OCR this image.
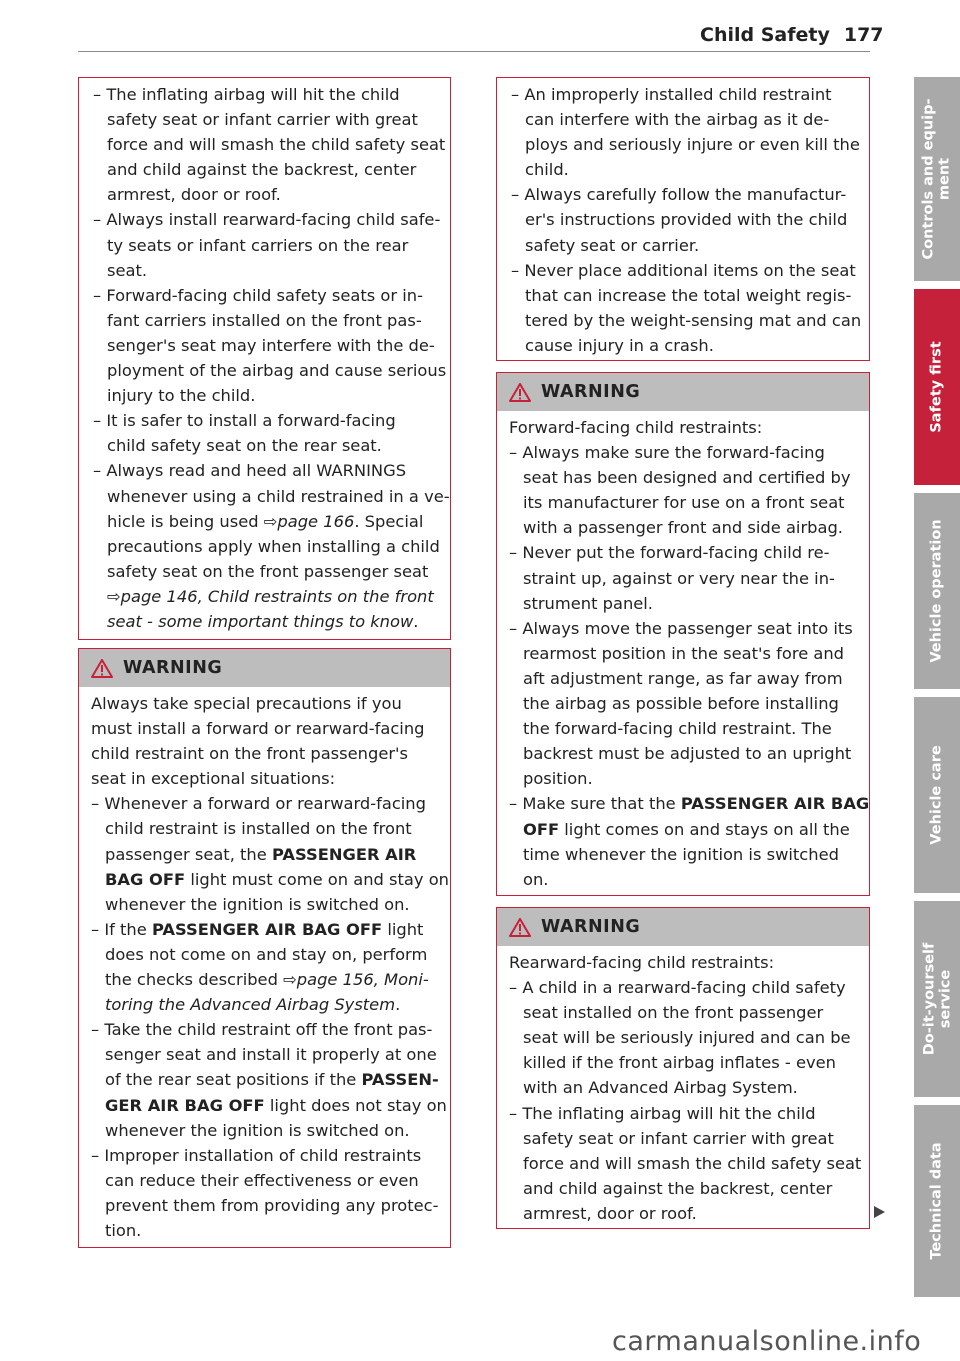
Child Safety 177
– The inflating airbag will hit the child
safety seat or infant carrier with great
force and will smash the child safety seat
and child against the backrest, center
armrest, door or roof.
– Always install rearward-facing child safe-
ty seats or infant carriers on the rear
seat.
– Forward-facing child safety seats or in-
fant carriers installed on the front pas-
senger's seat may interfere with the de-
ployment of the airbag and cause serious
injury to the child.
– It is safer to install a forward-facing
child safety seat on the rear seat.
– Always read and heed all WARNINGS
whenever using a child restrained in a ve-
hicle is being used ⇨page 166. Special
precautions apply when installing a child
safety seat on the front passenger seat
⇨page 146, Child restraints on the front
seat - some important things to know.
WARNING
Always take special precautions if you
must install a forward or rearward-facing
child restraint on the front passenger's
seat in exceptional situations:
– Whenever a forward or rearward-facing
child restraint is installed on the front
passenger seat, the PASSENGER AIR
BAG OFF light must come on and stay on
whenever the ignition is switched on.
– If the PASSENGER AIR BAG OFF light
does not come on and stay on, perform
the checks described ⇨page 156, Moni-
toring the Advanced Airbag System.
– Take the child restraint off the front pas-
senger seat and install it properly at one
of the rear seat positions if the PASSEN-
GER AIR BAG OFF light does not stay on
whenever the ignition is switched on.
– Improper installation of child restraints
can reduce their effectiveness or even
prevent them from providing any protec-
tion.
– An improperly installed child restraint
can interfere with the airbag as it de-
ploys and seriously injure or even kill the
child.
– Always carefully follow the manufactur-
er's instructions provided with the child
safety seat or carrier.
– Never place additional items on the seat
that can increase the total weight regis-
tered by the weight-sensing mat and can
cause injury in a crash.
WARNING
Forward-facing child restraints:
– Always make sure the forward-facing
seat has been designed and certified by
its manufacturer for use on a front seat
with a passenger front and side airbag.
– Never put the forward-facing child re-
straint up, against or very near the in-
strument panel.
– Always move the passenger seat into its
rearmost position in the seat's fore and
aft adjustment range, as far away from
the airbag as possible before installing
the forward-facing child restraint. The
backrest must be adjusted to an upright
position.
– Make sure that the PASSENGER AIR BAG
OFF light comes on and stays on all the
time whenever the ignition is switched
on.
WARNING
Rearward-facing child restraints:
– A child in a rearward-facing child safety
seat installed on the front passenger
seat will be seriously injured and can be
killed if the front airbag inflates - even
with an Advanced Airbag System.
– The inflating airbag will hit the child
safety seat or infant carrier with great
force and will smash the child safety seat
and child against the backrest, center
armrest, door or roof.
Controls and equip-
ment
Safety first
Vehicle operation
Vehicle care
Do-it-yourself
service
Technical data
carmanualsonline.info
